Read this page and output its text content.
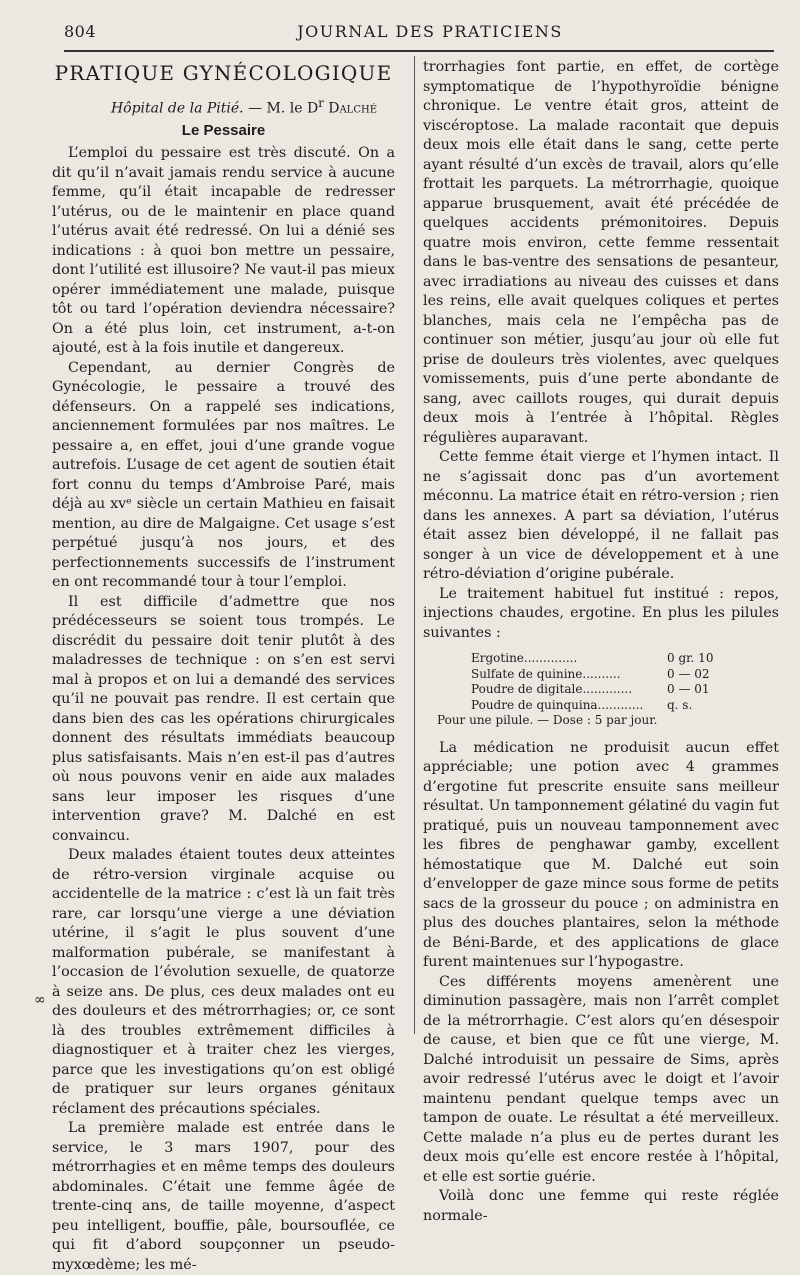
804	JOURNAL DES PRATICIENS
PRATIQUE GYNÉCOLOGIQUE
Hôpital de la Pitié. — M. le $D^r$ Dalché
Le Pessaire

L’emploi du pessaire est très discuté. On a dit qu’il n’avait jamais rendu service à aucune femme, qu’il était incapable de redresser l’utérus, ou de le maintenir en place quand l’utérus avait été redressé. On lui a dénié ses indications : à quoi bon mettre un pessaire, dont l’utilité est illusoire? Ne vaut-il pas mieux opérer immédiatement une malade, puisque tôt ou tard l’opération deviendra nécessaire? On a été plus loin, cet instrument, a-t-on ajouté, est à la fois inutile et dangereux.

Cependant, au dernier Congrès de Gynécologie, le pessaire a trouvé des défenseurs. On a rappelé ses indications, anciennement formulées par nos maîtres. Le pessaire a, en effet, joui d’une grande vogue autrefois. L’usage de cet agent de soutien était fort connu du temps d’Ambroise Paré, mais déjà au xvᵉ siècle un certain Mathieu en faisait mention, au dire de Malgaigne. Cet usage s’est perpétué jusqu’à nos jours, et des perfectionnements successifs de l’instrument en ont recommandé tour à tour l’emploi.

Il est difficile d’admettre que nos prédécesseurs se soient tous trompés. Le discrédit du pessaire doit tenir plutôt à des maladresses de technique : on s’en est servi mal à propos et on lui a demandé des services qu’il ne pouvait pas rendre. Il est certain que dans bien des cas les opérations chirurgicales donnent des résultats immédiats beaucoup plus satisfaisants. Mais n’en est-il pas d’autres où nous pouvons venir en aide aux malades sans leur imposer les risques d’une intervention grave? M. Dalché en est convaincu.

Deux malades étaient toutes deux atteintes de rétro-version virginale acquise ou accidentelle de la matrice : c’est là un fait très rare, car lorsqu’une vierge a une déviation utérine, il s’agit le plus souvent d’une malformation pubérale, se manifestant à l’occasion de l’évolution sexuelle, de quatorze à seize ans. De plus, ces deux malades ont eu des douleurs et des métrorrhagies; or, ce sont là des troubles extrêmement difficiles à diagnostiquer et à traiter chez les vierges, parce que les investigations qu’on est obligé de pratiquer sur leurs organes génitaux réclament des précautions spéciales.

La première malade est entrée dans le service, le 3 mars 1907, pour des métrorrhagies et en même temps des douleurs abdominales. C’était une femme âgée de trente-cinq ans, de taille moyenne, d’aspect peu intelligent, bouffie, pâle, boursouflée, ce qui fit d’abord soupçonner un pseudo-myxœdème; les mé-

trorrhagies font partie, en effet, de cortège symptomatique de l’hypothyroïdie bénigne chronique. Le ventre était gros, atteint de viscéroptose. La malade racontait que depuis deux mois elle était dans le sang, cette perte ayant résulté d’un excès de travail, alors qu’elle frottait les parquets. La métrorrhagie, quoique apparue brusquement, avait été précédée de quelques accidents prémonitoires. Depuis quatre mois environ, cette femme ressentait dans le bas-ventre des sensations de pesanteur, avec irradiations au niveau des cuisses et dans les reins, elle avait quelques coliques et pertes blanches, mais cela ne l’empêcha pas de continuer son métier, jusqu’au jour où elle fut prise de douleurs très violentes, avec quelques vomissements, puis d’une perte abondante de sang, avec caillots rouges, qui durait depuis deux mois à l’entrée à l’hôpital. Règles régulières auparavant.

Cette femme était vierge et l’hymen intact. Il ne s’agissait donc pas d’un avortement méconnu. La matrice était en rétro-version ; rien dans les annexes. A part sa déviation, l’utérus était assez bien développé, il ne fallait pas songer à un vice de développement et à une rétro-déviation d’origine pubérale.

Le traitement habituel fut institué : repos, injections chaudes, ergotine. En plus les pilules suivantes :

Ergotine..............	0 gr. 10
Sulfate de quinine..........	0 — 02
Poudre de digitale.............	0 — 01
Poudre de quinquina............	q. s.
Pour une pilule. — Dose : 5 par jour.

La médication ne produisit aucun effet appréciable; une potion avec 4 grammes d’ergotine fut prescrite ensuite sans meilleur résultat. Un tamponnement gélatiné du vagin fut pratiqué, puis un nouveau tamponnement avec les fibres de penghawar gamby, excellent hémostatique que M. Dalché eut soin d’envelopper de gaze mince sous forme de petits sacs de la grosseur du pouce ; on administra en plus des douches plantaires, selon la méthode de Béni-Barde, et des applications de glace furent maintenues sur l’hypogastre.

Ces différents moyens amenèrent une diminution passagère, mais non l’arrêt complet de la métrorrhagie. C’est alors qu’en désespoir de cause, et bien que ce fût une vierge, M. Dalché introduisit un pessaire de Sims, après avoir redressé l’utérus avec le doigt et l’avoir maintenu pendant quelque temps avec un tampon de ouate. Le résultat a été merveilleux. Cette malade n’a plus eu de pertes durant les deux mois qu’elle est encore restée à l’hôpital, et elle est sortie guérie.

Voilà donc une femme qui reste réglée normale-

∞
